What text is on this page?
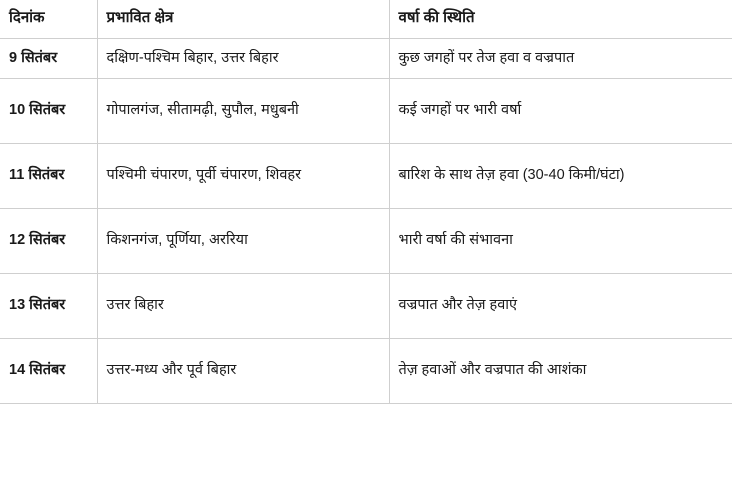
दिनांक	प्रभावित क्षेत्र	वर्षा की स्थिति
9 सितंबर	दक्षिण-पश्चिम बिहार, उत्तर बिहार	कुछ जगहों पर तेज हवा व वज्रपात
10 सितंबर	गोपालगंज, सीतामढ़ी, सुपौल, मधुबनी	कई जगहों पर भारी वर्षा
11 सितंबर	पश्चिमी चंपारण, पूर्वी चंपारण, शिवहर	बारिश के साथ तेज़ हवा (30-40 किमी/घंटा)
12 सितंबर	किशनगंज, पूर्णिया, अररिया	भारी वर्षा की संभावना
13 सितंबर	उत्तर बिहार	वज्रपात और तेज़ हवाएं
14 सितंबर	उत्तर-मध्य और पूर्व बिहार	तेज़ हवाओं और वज्रपात की आशंका
